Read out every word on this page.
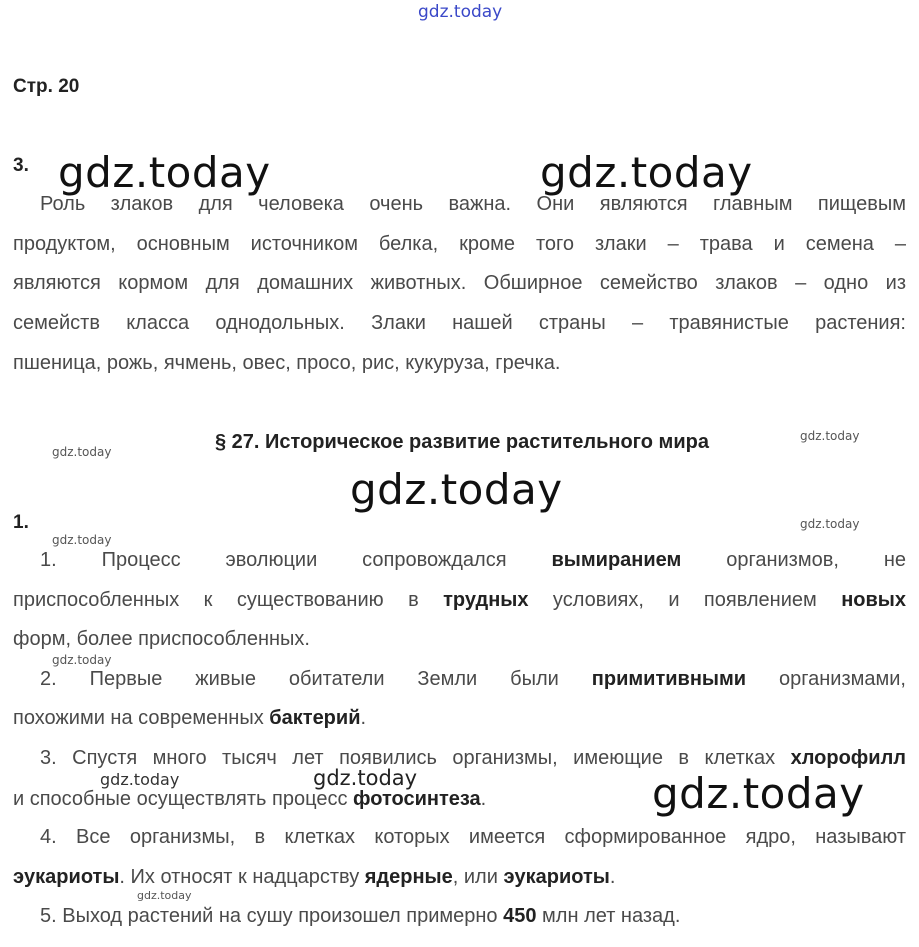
gdz.today
Стр. 20
3. gdz.today	gdz.today
Роль злаков для человека очень важна. Они являются главным пищевым
продуктом, основным источником белка, кроме того злаки – трава и семена –
являются кормом для домашних животных. Обширное семейство злаков – одно из
семейств класса однодольных. Злаки нашей страны – травянистые растения:
пшеница, рожь, ячмень, овес, просо, рис, кукуруза, гречка.
gdz.today	§ 27. Историческое развитие растительного мира	gdz.today
gdz.today
1.
gdz.today
gdz.today
1. Процесс эволюции сопровождался вымиранием организмов, не
приспособленных к существованию в трудных условиях, и появлением новых
форм, более приспособленных.
gdz.today
2. Первые живые обитатели Земли были примитивными организмами,
похожими на современных бактерий.
3. Спустя много тысяч лет появились организмы, имеющие в клетках хлорофилл
gdz.today	gdz.today
и способные осуществлять процесс фотосинтеза.	gdz.today
4. Все организмы, в клетках которых имеется сформированное ядро, называют
эукариоты. Их относят к надцарству ядерные, или эукариоты.
gdz.today
5. Выход растений на сушу произошел примерно 450 млн лет назад.
